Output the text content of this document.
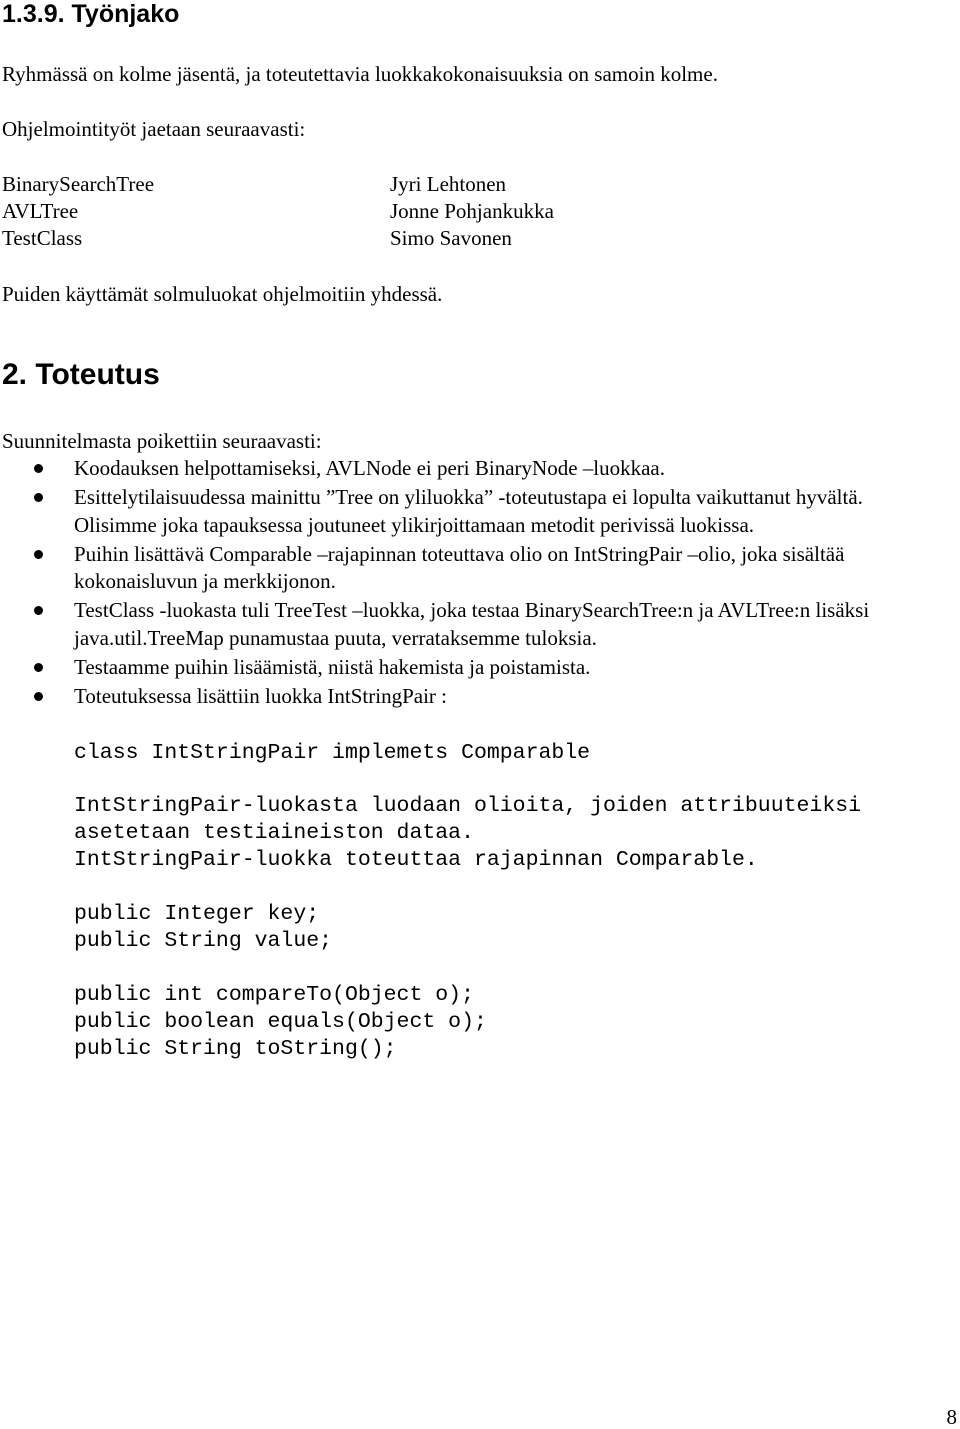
1.3.9. Työnjako
Ryhmässä on kolme jäsentä, ja toteutettavia luokkakokonaisuuksia on samoin kolme.
Ohjelmointityöt jaetaan seuraavasti:
BinarySearchTree	Jyri Lehtonen
AVLTree	Jonne Pohjankukka
TestClass	Simo Savonen
Puiden käyttämät solmuluokat ohjelmoitiin yhdessä.
2. Toteutus
Suunnitelmasta poikettiin seuraavasti:
Koodauksen helpottamiseksi, AVLNode ei peri BinaryNode –luokkaa.
Esittelytilaisuudessa mainittu ”Tree on yliluokka” -toteutustapa ei lopulta vaikuttanut hyvältä. Olisimme joka tapauksessa joutuneet ylikirjoittamaan metodit perivissä luokissa.
Puihin lisättävä Comparable –rajapinnan toteuttava olio on IntStringPair –olio, joka sisältää kokonaisluvun ja merkkijonon.
TestClass -luokasta tuli TreeTest –luokka, joka testaa BinarySearchTree:n ja AVLTree:n lisäksi java.util.TreeMap punamustaa puuta, verrataksemme tuloksia.
Testaamme puihin lisäämistä, niistä hakemista ja poistamista.
Toteutuksessa lisättiin luokka IntStringPair :
class IntStringPair implemets Comparable
IntStringPair-luokasta luodaan olioita, joiden attribuuteiksi
asetetaan testiaineiston dataa.
IntStringPair-luokka toteuttaa rajapinnan Comparable.
public Integer key;
public String value;
public int compareTo(Object o);
public boolean equals(Object o);
public String toString();
8
